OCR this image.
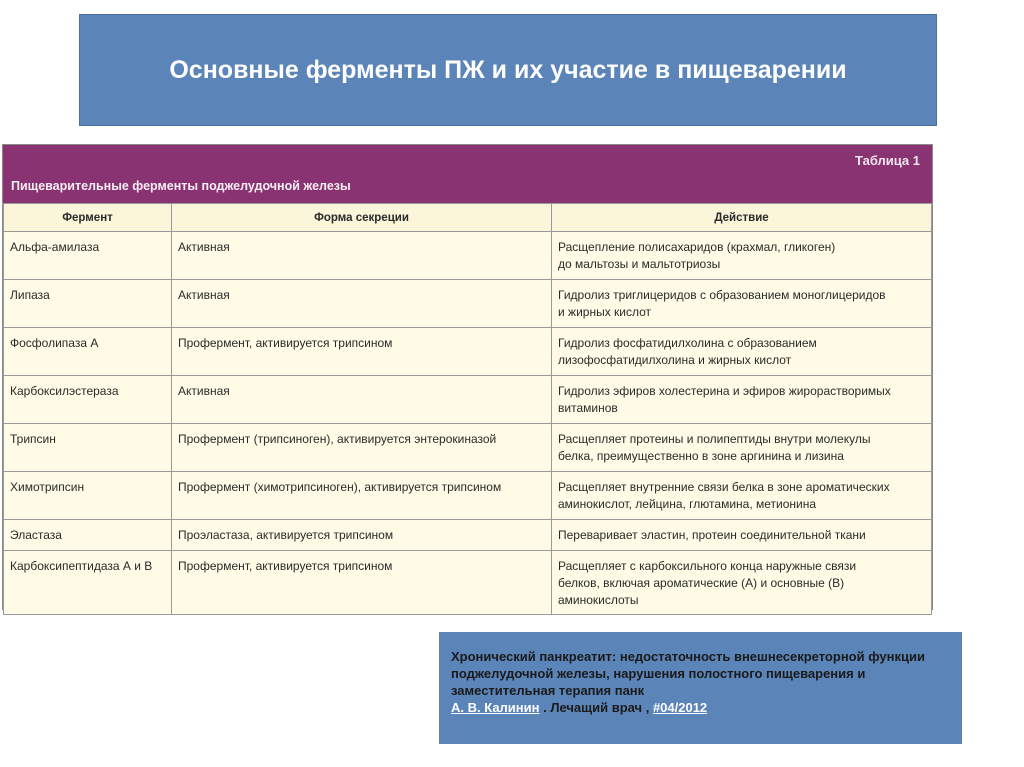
Основные ферменты ПЖ и их участие в пищеварении
Таблица 1
Пищеварительные ферменты поджелудочной железы
Фермент	Форма секреции	Действие
Альфа-амилаза	Активная	Расщепление полисахаридов (крахмал, гликоген)
до мальтозы и мальтотриозы
Липаза	Активная	Гидролиз триглицеридов с образованием моноглицеридов
и жирных кислот
Фосфолипаза А	Профермент, активируется трипсином	Гидролиз фосфатидилхолина с образованием
лизофосфатидилхолина и жирных кислот
Карбоксилэстераза	Активная	Гидролиз эфиров холестерина и эфиров жирорастворимых
витаминов
Трипсин	Профермент (трипсиноген), активируется энтерокиназой	Расщепляет протеины и полипептиды внутри молекулы
белка, преимущественно в зоне аргинина и лизина
Химотрипсин	Профермент (химотрипсиноген), активируется трипсином	Расщепляет внутренние связи белка в зоне ароматических
аминокислот, лейцина, глютамина, метионина
Эластаза	Проэластаза, активируется трипсином	Переваривает эластин, протеин соединительной ткани
Карбоксипептидаза А и В	Профермент, активируется трипсином	Расщепляет с карбоксильного конца наружные связи
белков, включая ароматические (А) и основные (В)
аминокислоты
Хронический панкреатит: недостаточность внешнесекреторной функции поджелудочной железы, нарушения полостного пищеварения и заместительная терапия панк
А. В. Калинин . Лечащий врач , #04/2012
